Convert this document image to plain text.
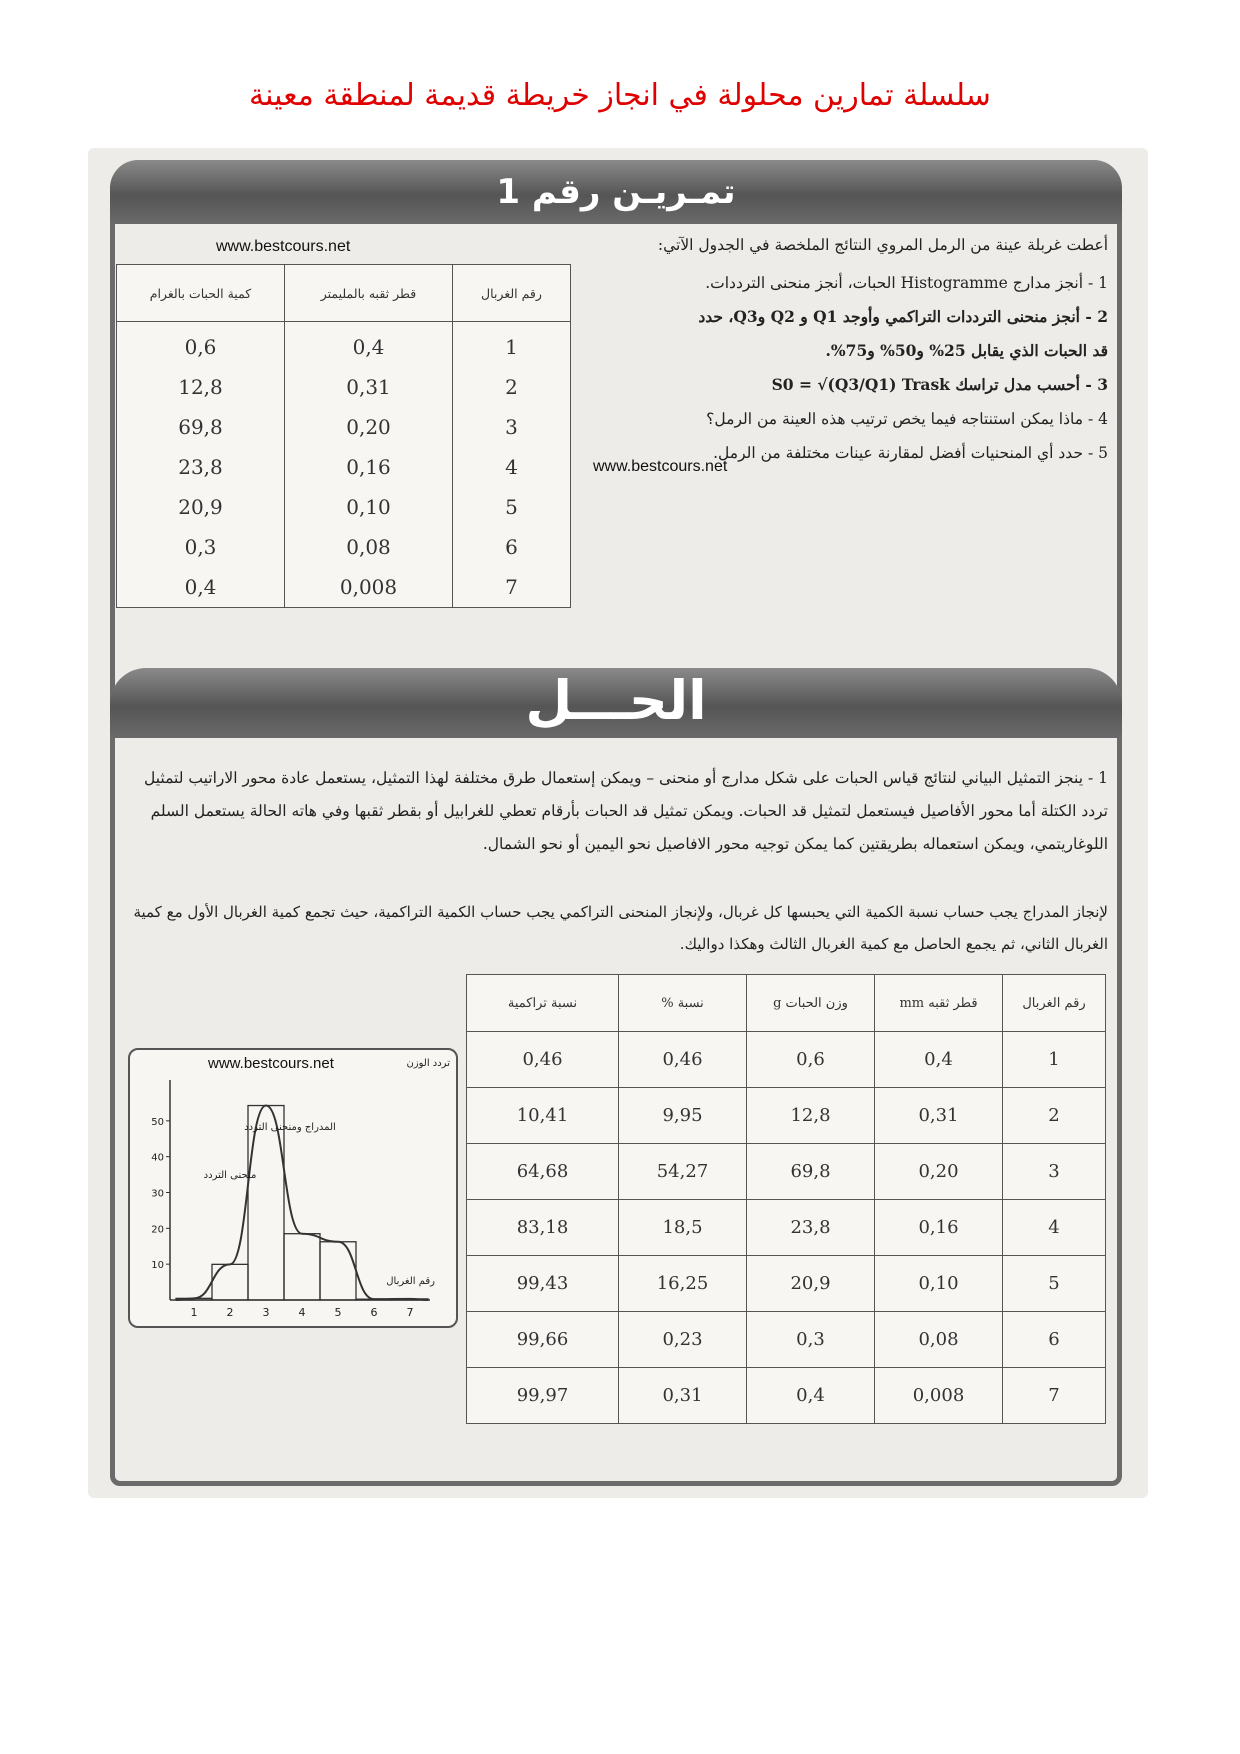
سلسلة تمارين محلولة في انجاز خريطة قديمة لمنطقة معينة
تمـريـن رقم 1
أعطت غربلة عينة من الرمل المروي النتائج الملخصة في الجدول الآتي:
www.bestcours.net
رقم الغربال	قطر ثقبه بالمليمتر	كمية الحبات بالغرام
1	0,4	0,6
2	0,31	12,8
3	0,20	69,8
4	0,16	23,8
5	0,10	20,9
6	0,08	0,3
7	0,008	0,4
1 - أنجز مدارج Histogramme الحبات، أنجز منحنى الترددات.
2 - أنجز منحنى الترددات التراكمي وأوجد Q1 و Q2 وQ3، حدد قد الحبات الذي يقابل 25% و50% و75%.
3 - أحسب مدل تراسك S0 = √(Q3/Q1) Trask
4 - ماذا يمكن استنتاجه فيما يخص ترتيب هذه العينة من الرمل؟
5 - حدد أي المنحنيات أفضل لمقارنة عينات مختلفة من الرمل.
www.bestcours.net
الحـــل
1 - ينجز التمثيل البياني لنتائج قياس الحبات على شكل مدارج أو منحنى – ويمكن إستعمال طرق مختلفة لهذا التمثيل، يستعمل عادة محور الاراتيب لتمثيل تردد الكتلة أما محور الأفاصيل فيستعمل لتمثيل قد الحبات. ويمكن تمثيل قد الحبات بأرقام تعطي للغرابيل أو بقطر ثقبها وفي هاته الحالة يستعمل السلم اللوغاريتمي، ويمكن استعماله بطريقتين كما يمكن توجيه محور الافاصيل نحو اليمين أو نحو الشمال.
لإنجاز المدراج يجب حساب نسبة الكمية التي يحبسها كل غربال، ولإنجاز المنحنى التراكمي يجب حساب الكمية التراكمية، حيث تجمع كمية الغربال الأول مع كمية الغربال الثاني، ثم يجمع الحاصل مع كمية الغربال الثالث وهكذا دواليك.
رقم الغربال	قطر ثقبه mm	وزن الحبات g	نسبة %	نسبة تراكمية
1	0,4	0,6	0,46	0,46
2	0,31	12,8	9,95	10,41
3	0,20	69,8	54,27	64,68
4	0,16	23,8	18,5	83,18
5	0,10	20,9	16,25	99,43
6	0,08	0,3	0,23	99,66
7	0,008	0,4	0,31	99,97
10
20
30
40
50
1	2	3	4	5	6	7
المدراج ومنحنى التردد
منحنى التردد
تردد الوزن
رقم الغربال
www.bestcours.net
